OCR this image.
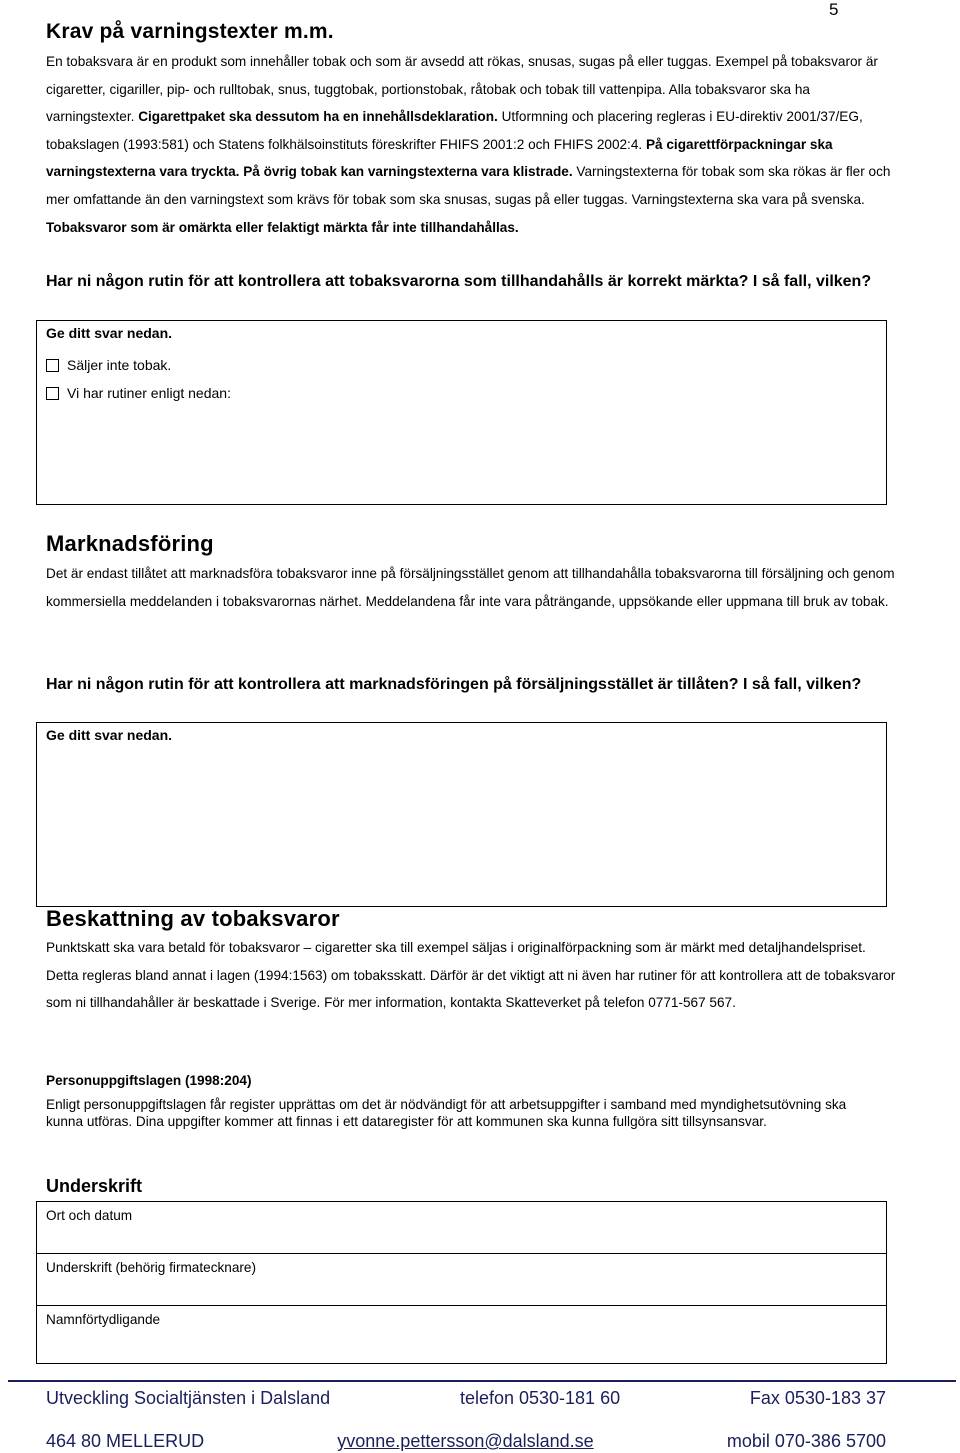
5
Krav på varningstexter m.m.

En tobaksvara är en produkt som innehåller tobak och som är avsedd att rökas, snusas, sugas på eller tuggas. Exempel på tobaksvaror är cigaretter, cigariller, pip- och rulltobak, snus, tuggtobak, portionstobak, råtobak och tobak till vattenpipa. Alla tobaksvaror ska ha varningstexter. Cigarettpaket ska dessutom ha en innehållsdeklaration. Utformning och placering regleras i EU-direktiv 2001/37/EG, tobakslagen (1993:581) och Statens folkhälsoinstituts föreskrifter FHIFS 2001:2 och FHIFS 2002:4. På cigarettförpackningar ska varningstexterna vara tryckta. På övrig tobak kan varningstexterna vara klistrade. Varningstexterna för tobak som ska rökas är fler och mer omfattande än den varningstext som krävs för tobak som ska snusas, sugas på eller tuggas. Varningstexterna ska vara på svenska. Tobaksvaror som är omärkta eller felaktigt märkta får inte tillhandahållas.

Har ni någon rutin för att kontrollera att tobaksvarorna som tillhandahålls är korrekt märkta? I så fall, vilken?

Ge ditt svar nedan.

Säljer inte tobak.
Vi har rutiner enligt nedan:
Marknadsföring

Det är endast tillåtet att marknadsföra tobaksvaror inne på försäljningsstället genom att tillhandahålla tobaksvarorna till försäljning och genom kommersiella meddelanden i tobaksvarornas närhet. Meddelandena får inte vara påträngande, uppsökande eller uppmana till bruk av tobak.

Har ni någon rutin för att kontrollera att marknadsföringen på försäljningsstället är tillåten? I så fall, vilken?

Ge ditt svar nedan.

Beskattning av tobaksvaror

Punktskatt ska vara betald för tobaksvaror – cigaretter ska till exempel säljas i originalförpackning som är märkt med detaljhandelspriset. Detta regleras bland annat i lagen (1994:1563) om tobaksskatt. Därför är det viktigt att ni även har rutiner för att kontrollera att de tobaksvaror som ni tillhandahåller är beskattade i Sverige. För mer information, kontakta Skatteverket på telefon 0771-567 567.

Personuppgiftslagen (1998:204)

Enligt personuppgiftslagen får register upprättas om det är nödvändigt för att arbetsuppgifter i samband med myndighetsutövning ska kunna utföras. Dina uppgifter kommer att finnas i ett dataregister för att kommunen ska kunna fullgöra sitt tillsynsansvar.

Underskrift
Ort och datum
Underskrift (behörig firmatecknare)
Namnförtydligande
Utveckling Socialtjänsten i Dalsland	telefon 0530-181 60	Fax 0530-183 37
464 80 MELLERUD	yvonne.pettersson@dalsland.se	mobil 070-386 5700
